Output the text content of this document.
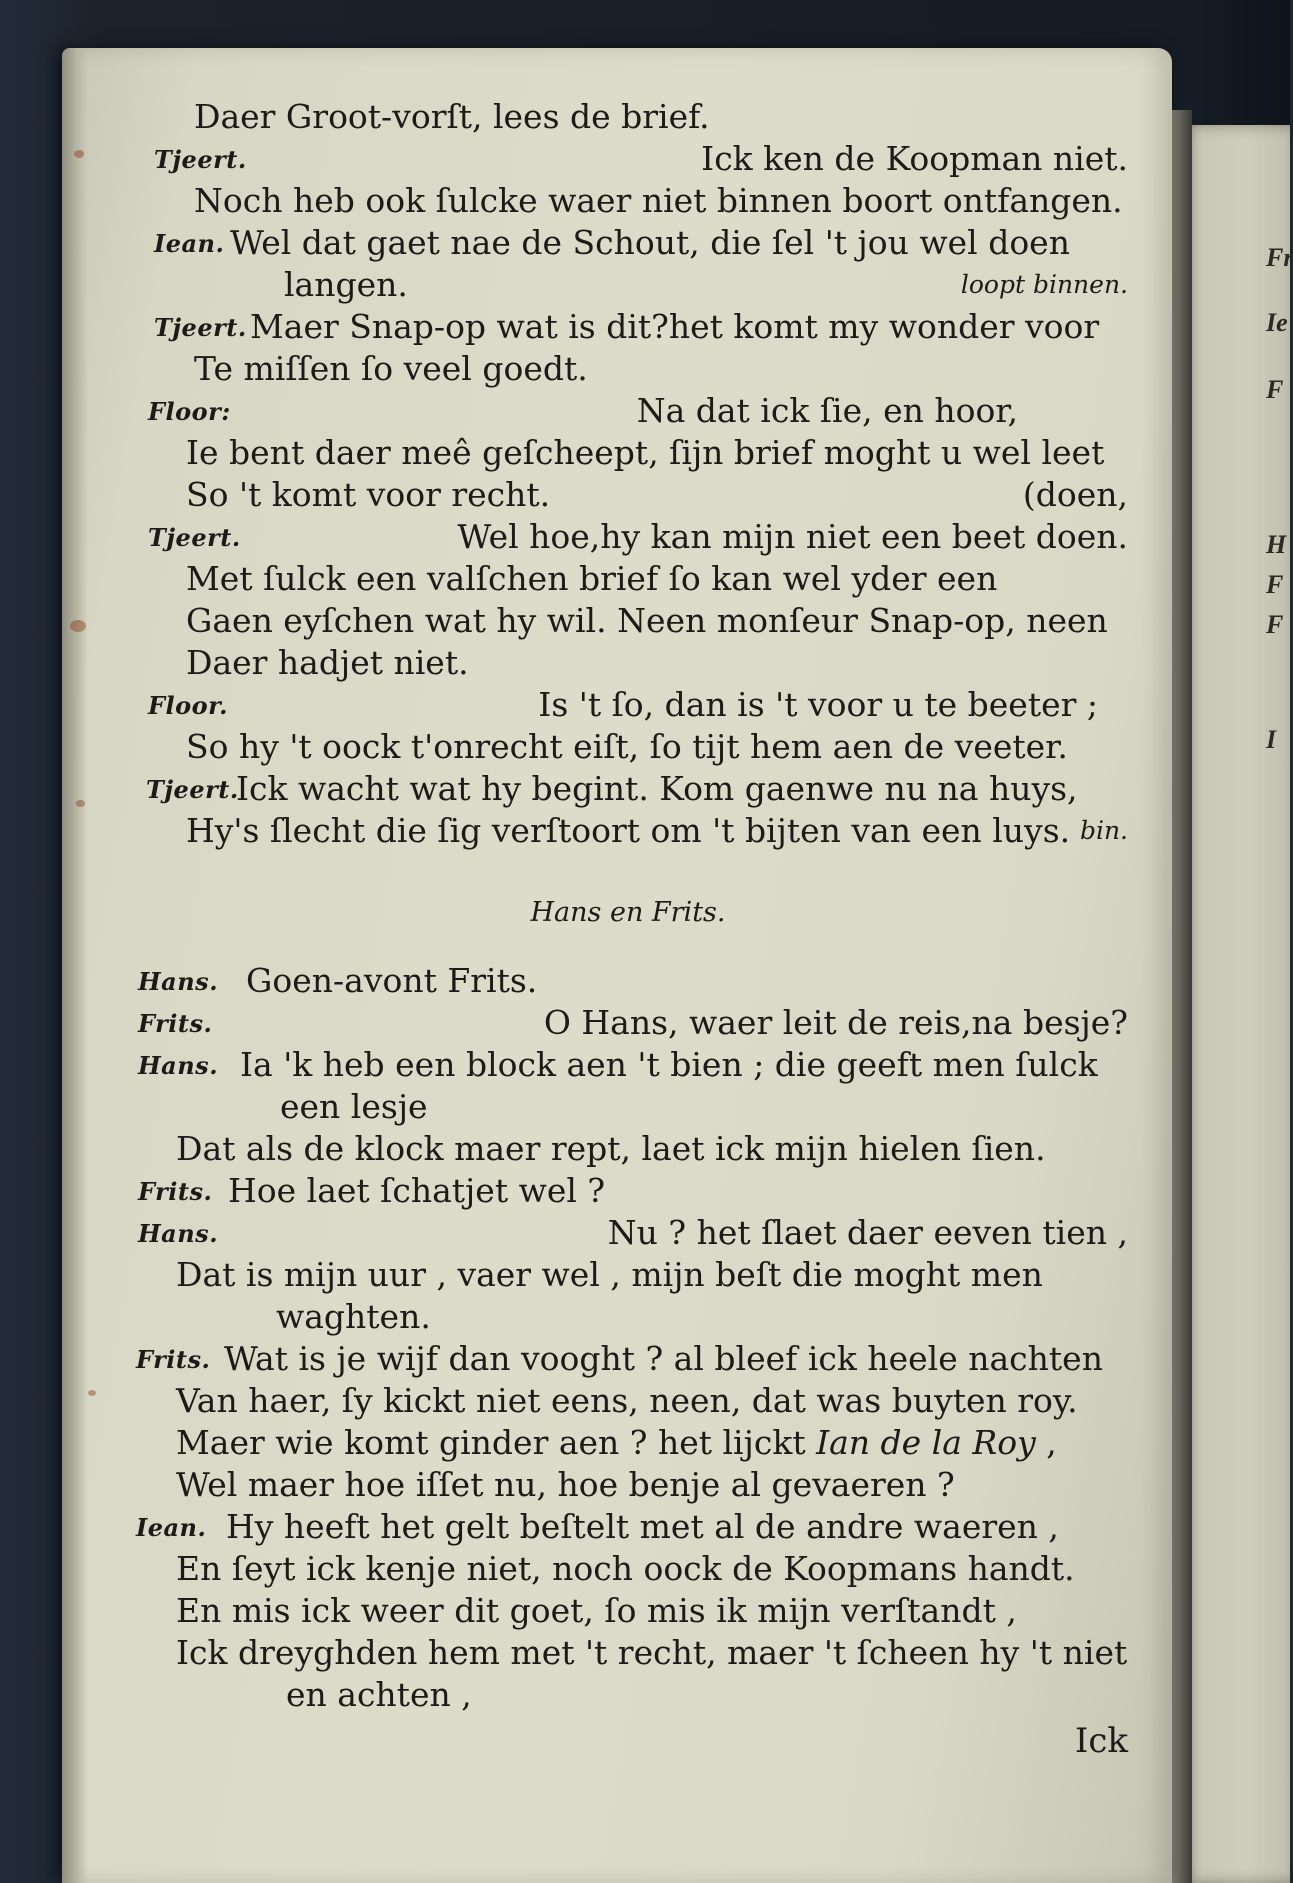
Fr
Ie
F
H
F
F
I
Daer Groot-vorſt, lees de brief.
Tjeert.	Ick ken de Koopman niet.
Noch heb ook ſulcke waer niet binnen boort ontfangen.
Iean. Wel dat gaet nae de Schout, die ſel 't jou wel doen
langen.	loopt binnen.
Tjeert. Maer Snap-op wat is dit?het komt my wonder voor
Te miſſen ſo veel goedt.
Floor:	Na dat ick ſie, en hoor,
Ie bent daer meê geſcheept, ſijn brief moght u wel leet
So 't komt voor recht.	(doen,
Tjeert.	Wel hoe,hy kan mijn niet een beet doen.
Met ſulck een valſchen brief ſo kan wel yder een
Gaen eyſchen wat hy wil. Neen monſeur Snap-op, neen
Daer hadjet niet.
Floor.	Is 't ſo, dan is 't voor u te beeter ;
So hy 't oock t'onrecht eiſt, ſo tijt hem aen de veeter.
Tjeert.
Ick wacht wat hy begint. Kom gaenwe nu na huys,
Hy's ſlecht die ſig verſtoort om 't bijten van een luys. bin.
Hans en Frits.
Hans. Goen-avont Frits.
Frits.	O Hans, waer leit de reis,na besje?
Hans. Ia 'k heb een block aen 't bien ; die geeft men ſulck
een lesje
Dat als de klock maer rept, laet ick mijn hielen ſien.
Frits. Hoe laet ſchatjet wel ?
Hans.	Nu ? het ſlaet daer eeven tien ,
Dat is mijn uur , vaer wel , mijn beſt die moght men
waghten.
Frits. Wat is je wijf dan vooght ? al bleef ick heele nachten
Van haer, ſy kickt niet eens, neen, dat was buyten roy.
Maer wie komt ginder aen ? het lijckt Ian de la Roy ,
Wel maer hoe iſſet nu, hoe benje al gevaeren ?
Iean. Hy heeft het gelt beſtelt met al de andre waeren ,
En ſeyt ick kenje niet, noch oock de Koopmans handt.
En mis ick weer dit goet, ſo mis ik mijn verſtandt ,
Ick dreyghden hem met 't recht, maer 't ſcheen hy 't niet
en achten ,
Ick
